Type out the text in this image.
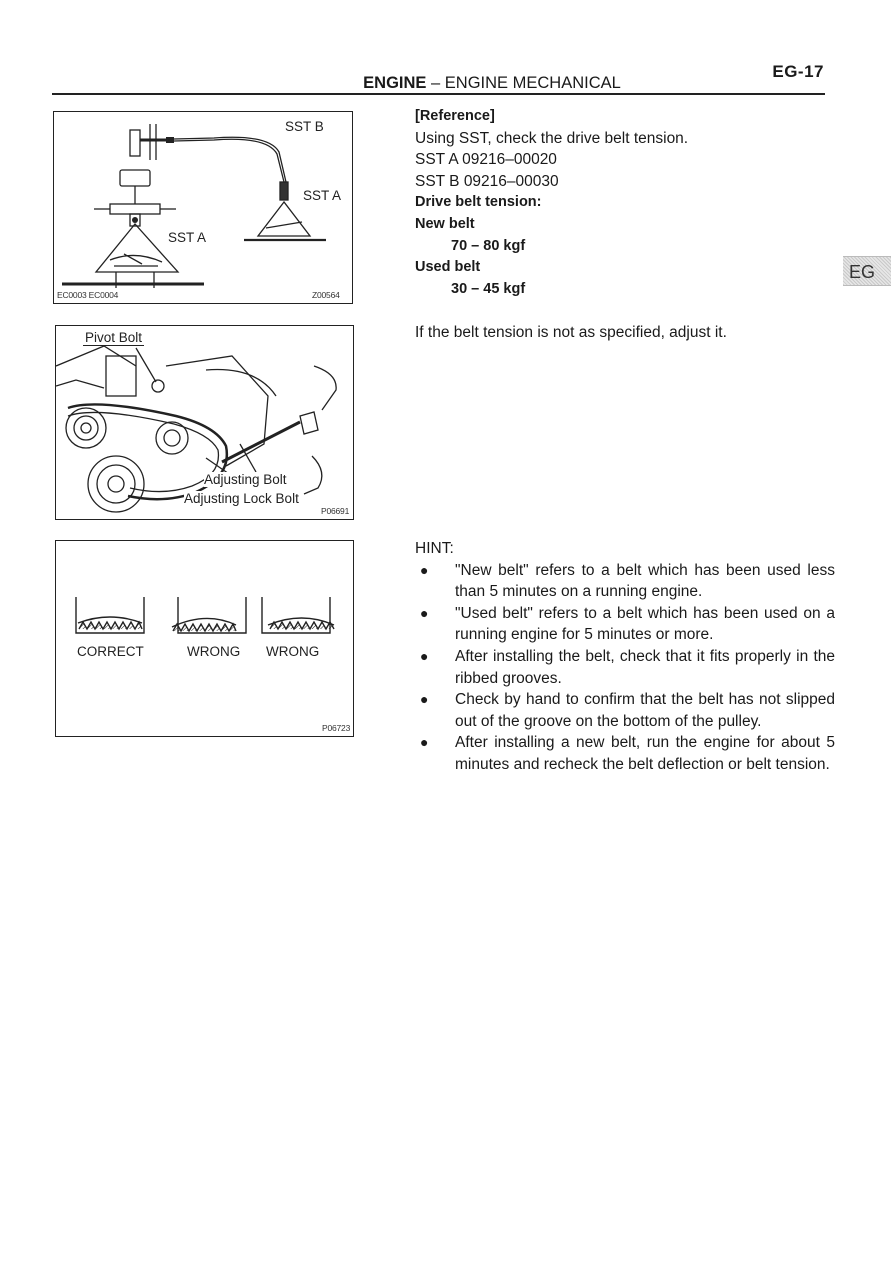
ENGINE – ENGINE MECHANICAL
EG-17
EG
SST B
SST A
SST A
EC0003 EC0004	Z00564
Pivot Bolt
Adjusting Bolt
Adjusting Lock Bolt
P06691
CORRECT	WRONG WRONG
P06723
[Reference]
Using SST, check the drive belt tension.
SST A 09216–00020
SST B 09216–00030
Drive belt tension:
New belt
70 – 80 kgf
Used belt
30 – 45 kgf
If the belt tension is not as specified, adjust it.
HINT:
● "New belt" refers to a belt which has been used less than 5 minutes on a running engine.
● "Used belt" refers to a belt which has been used on a running engine for 5 minutes or more.
● After installing the belt, check that it fits properly in the ribbed grooves.
● Check by hand to confirm that the belt has not slipped out of the groove on the bottom of the pulley.
● After installing a new belt, run the engine for about 5 minutes and recheck the belt deflection or belt tension.
